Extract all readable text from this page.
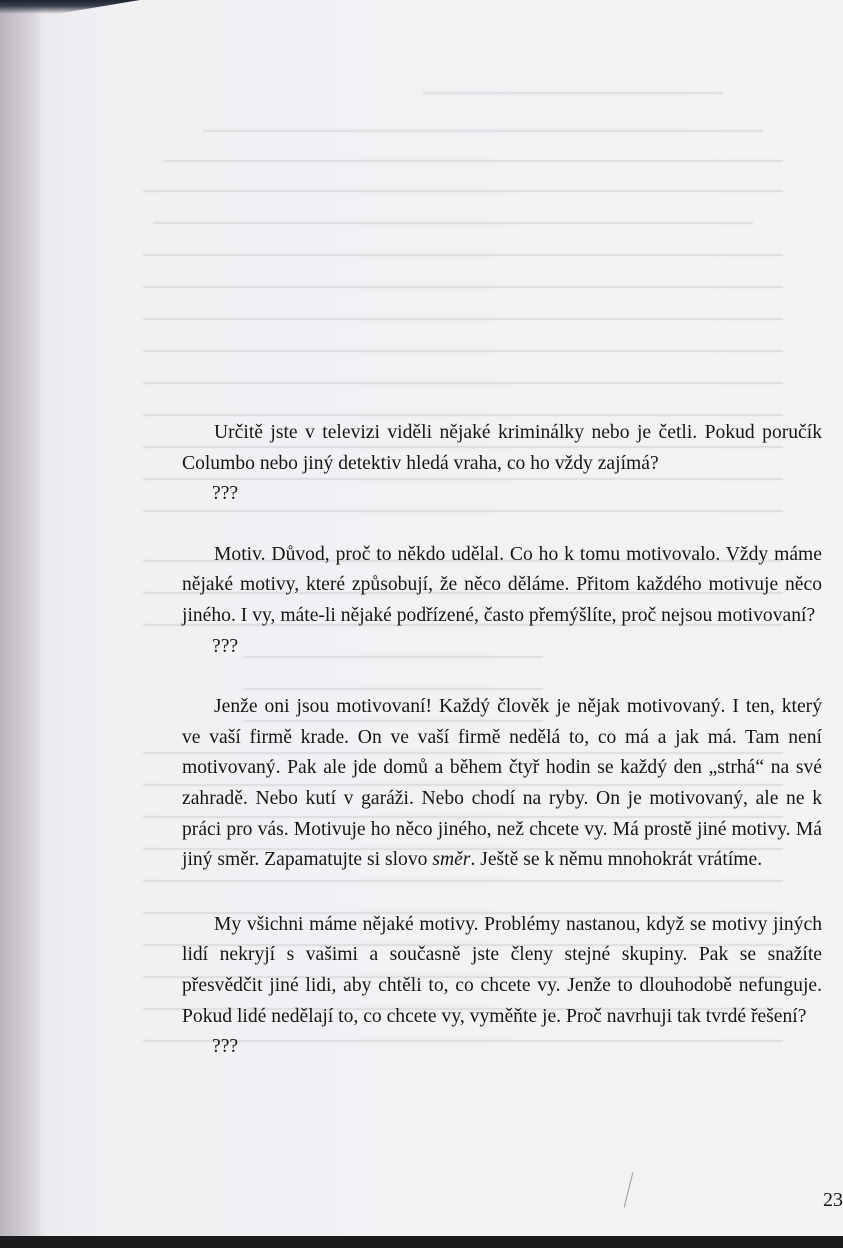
Určitě jste v televizi viděli nějaké kriminálky nebo je četli. Pokud poručík Columbo nebo jiný detektiv hledá vraha, co ho vždy zajímá?

???

Motiv. Důvod, proč to někdo udělal. Co ho k tomu motivovalo. Vždy máme nějaké motivy, které způsobují, že něco děláme. Přitom každého motivuje něco jiného. I vy, máte-li nějaké podřízené, často přemýšlíte, proč nejsou motivovaní?

???

Jenže oni jsou motivovaní! Každý člověk je nějak motivovaný. I ten, který ve vaší firmě krade. On ve vaší firmě nedělá to, co má a jak má. Tam není motivovaný. Pak ale jde domů a během čtyř hodin se každý den „strhá“ na své zahradě. Nebo kutí v garáži. Nebo chodí na ryby. On je motivovaný, ale ne k práci pro vás. Motivuje ho něco jiného, než chcete vy. Má prostě jiné motivy. Má jiný směr. Zapamatujte si slovo směr. Ještě se k němu mnohokrát vrátíme.

My všichni máme nějaké motivy. Problémy nastanou, když se motivy jiných lidí nekryjí s vašimi a současně jste členy stejné skupiny. Pak se snažíte přesvědčit jiné lidi, aby chtěli to, co chcete vy. Jenže to dlouhodobě nefunguje. Pokud lidé nedělají to, co chcete vy, vyměňte je. Proč navrhuji tak tvrdé řešení?

???

23
